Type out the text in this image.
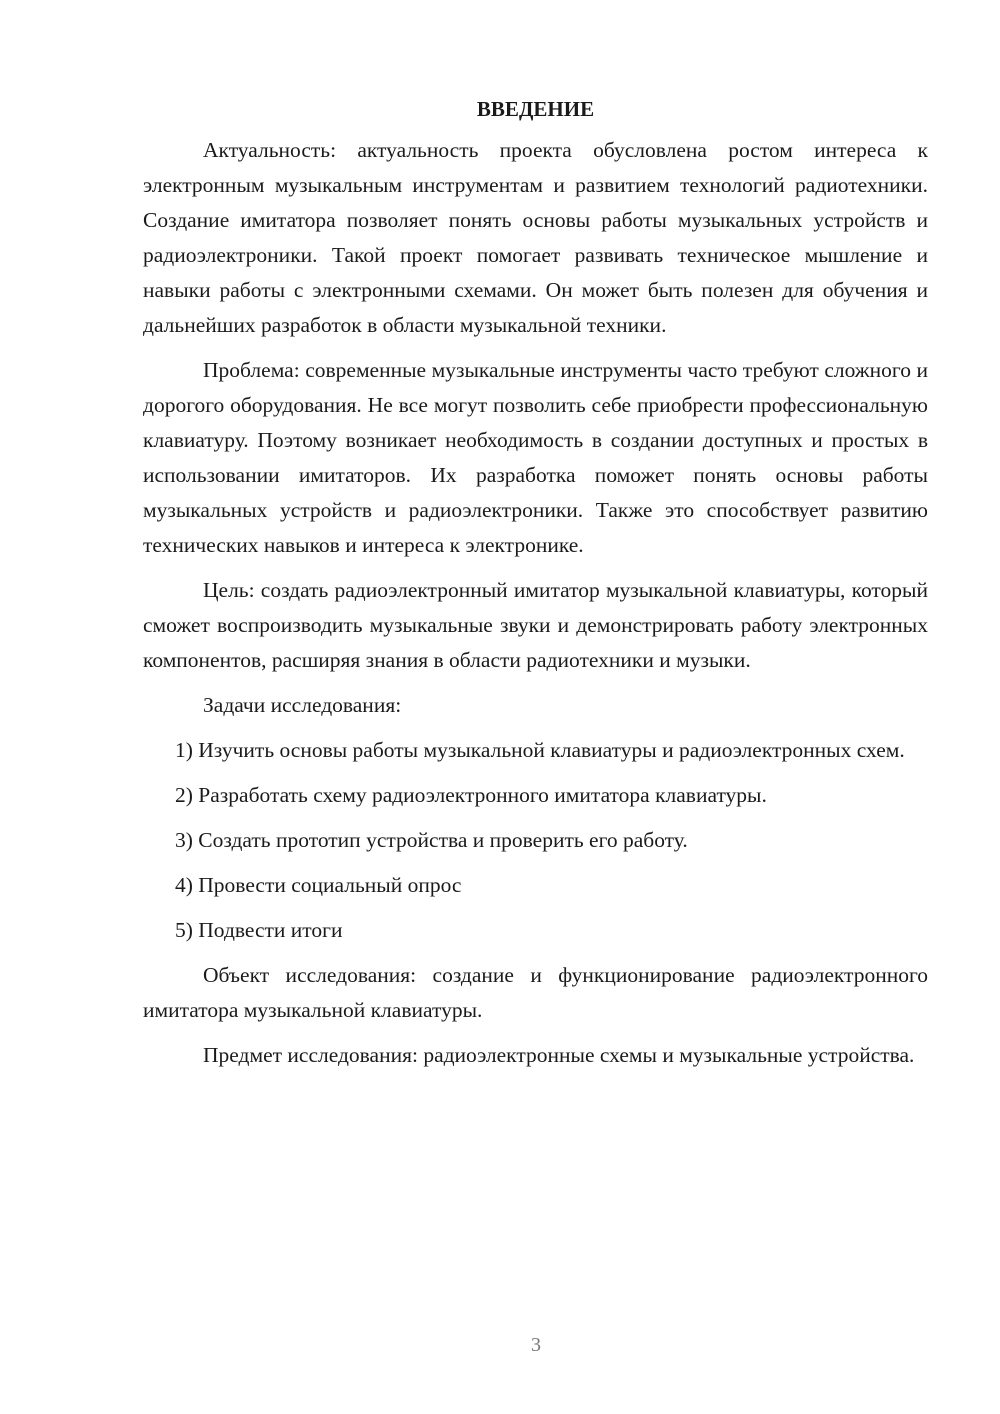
ВВЕДЕНИЕ

Актуальность: актуальность проекта обусловлена ростом интереса к электронным музыкальным инструментам и развитием технологий радиотехники. Создание имитатора позволяет понять основы работы музыкальных устройств и радиоэлектроники. Такой проект помогает развивать техническое мышление и навыки работы с электронными схемами. Он может быть полезен для обучения и дальнейших разработок в области музыкальной техники.

Проблема: современные музыкальные инструменты часто требуют сложного и дорогого оборудования. Не все могут позволить себе приобрести профессиональную клавиатуру. Поэтому возникает необходимость в создании доступных и простых в использовании имитаторов. Их разработка поможет понять основы работы музыкальных устройств и радиоэлектроники. Также это способствует развитию технических навыков и интереса к электронике.

Цель: создать радиоэлектронный имитатор музыкальной клавиатуры, который сможет воспроизводить музыкальные звуки и демонстрировать работу электронных компонентов, расширяя знания в области радиотехники и музыки.

Задачи исследования:

1) Изучить основы работы музыкальной клавиатуры и радиоэлектронных схем.

2) Разработать схему радиоэлектронного имитатора клавиатуры.

3) Создать прототип устройства и проверить его работу.

4) Провести социальный опрос

5) Подвести итоги

Объект исследования: создание и функционирование радиоэлектронного имитатора музыкальной клавиатуры.

Предмет исследования: радиоэлектронные схемы и музыкальные устройства.

3
